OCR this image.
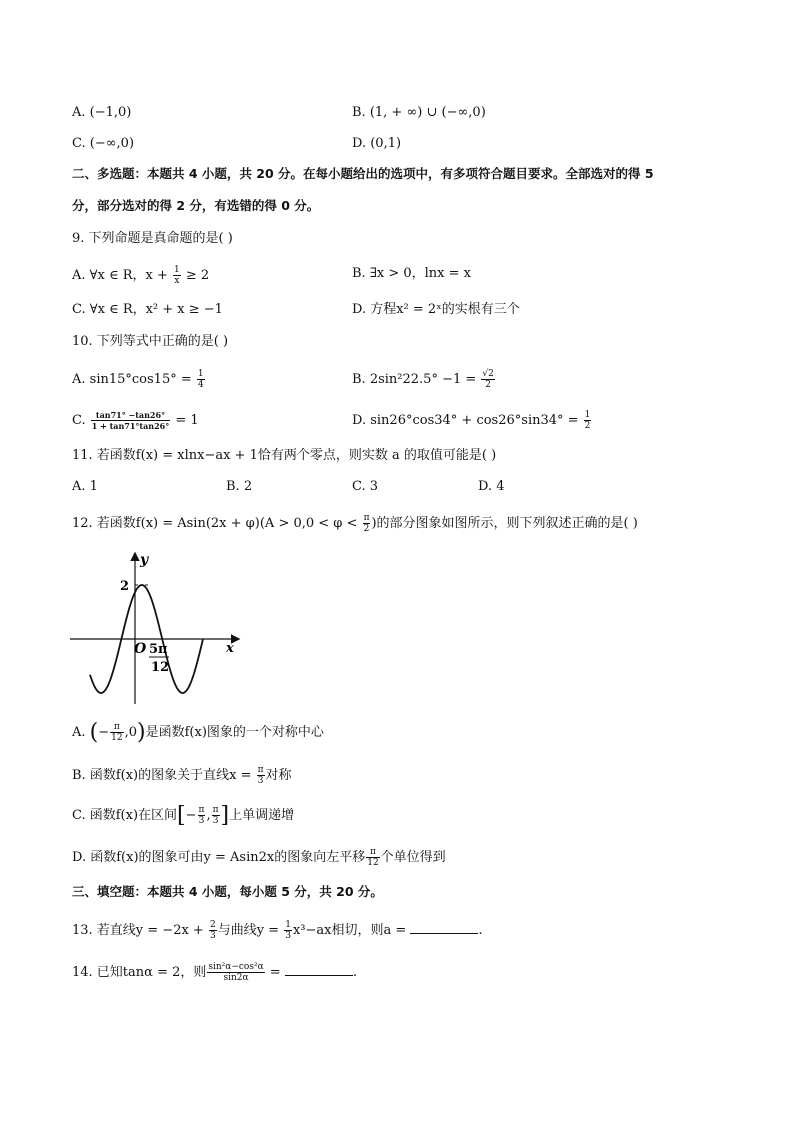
A. (−1,0)	B. (1, + ∞) ∪ (−∞,0)
C. (−∞,0)	D. (0,1)
二、多选题：本题共 4 小题，共 20 分。在每小题给出的选项中，有多项符合题目要求。全部选对的得 5
分，部分选对的得 2 分，有选错的得 0 分。
9. 下列命题是真命题的是( )
A. ∀x ∈ R，$x + \frac{1}{x} \ge 2$	B. ∃x > 0，lnx = x
C. ∀x ∈ R，x² + x ≥ −1	D. 方程x² = 2ˣ的实根有三个
10. 下列等式中正确的是( )
A. $\sin 15^\circ\cos 15^\circ = \frac{1}{4}$	B. $2\sin^222.5^\circ -1 = \frac{√2}{2}$
C. $\frac{\tan 71^\circ -\tan 26^\circ}{1 + \tan 71^\circ\tan 26^\circ} = 1$	D. $\sin 26^\circ\cos 34^\circ + \cos 26^\circ\sin 34^\circ = \frac{1}{2}$
11. 若函数f(x) = xlnx−ax + 1恰有两个零点，则实数 a 的取值可能是( )
A. 1	B. 2	C. 3	D. 4
12. 若函数$f(x) = Asin(2x + \varphi)(A > 0,0 < \varphi < \frac{\pi}{2}$ )的部分图象如图所示，则下列叙述正确的是( )
y
x
2
O 5π
12
A. (− $\frac{\pi}{12} ,0$)是函数f(x)图象的一个对称中心
B. 函数f(x)的图象关于直线$x = \frac{\pi}{3}$ 对称
C. 函数f(x)在区间[− $\frac{\pi}{3}$ , $\frac{\pi}{3}$ ]上单调递增
D. 函数f(x)的图象可由y = Asin2x的图象向左平移 $\frac{\pi}{12}$ 个单位得到
三、填空题：本题共 4 小题，每小题 5 分，共 20 分。
13. 若直线$y = -2x + \frac{2}{3}$ 与曲线$y = \frac{1}{3} x^3-ax$相切，则a =	.
14. 已知tanα = 2，则 $\frac{\text{sin²α−cos²α}}{\sin 2\alpha}$ =	.
